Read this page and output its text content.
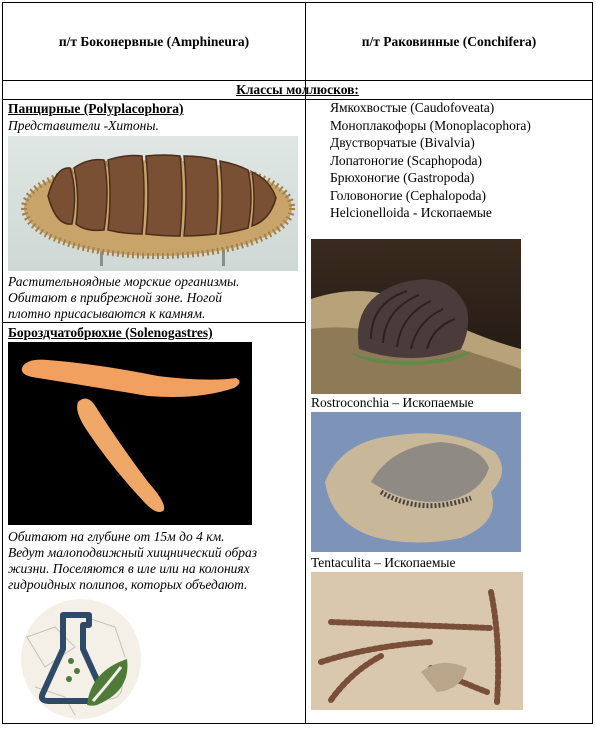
п/т Боконервные (Amphineura)	п/т Раковинные (Conchifera)
Классы моллюсков:
Панцирные (Polyplacophora)
Представители -Хитоны.
Растительноядные морские организмы.
Обитают в прибрежной зоне. Ногой
плотно присасываются к камням.
Бороздчатобрюхие (Solenogastres)
Обитают на глубине от 15м до 4 км.
Ведут малоподвижный хищнический образ
жизни. Поселяются в иле или на колониях
гидроидных полипов, которых объедают.
Ямкохвостые (Caudofoveata)
Моноплакофоры (Monoplacophora)
Двустворчатые (Bivalvia)
Лопатоногие (Scaphopoda)
Брюхоногие (Gastropoda)
Головоногие (Cephalopoda)
Helcionelloida - Ископаемые
Rostroconchia – Ископаемые
Tentaculita – Ископаемые
